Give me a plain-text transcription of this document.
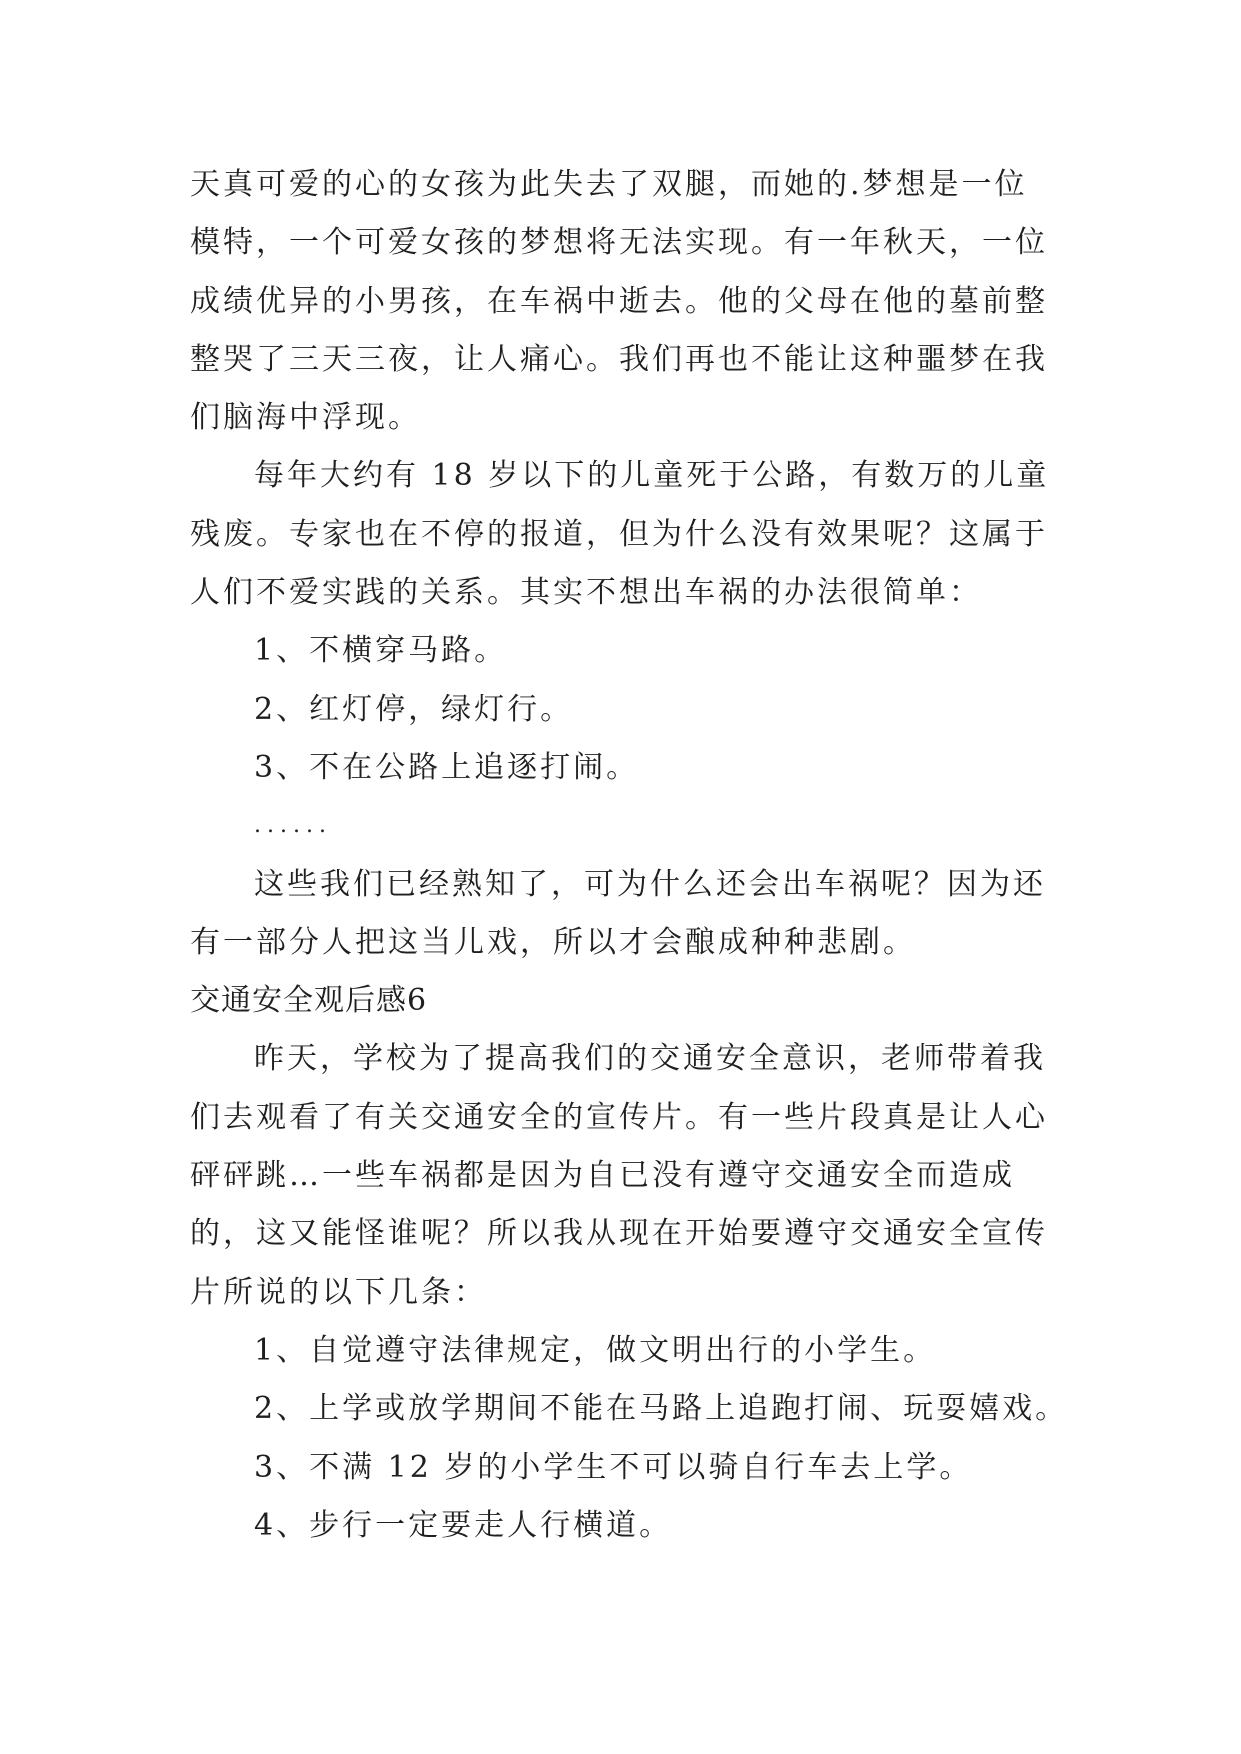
天真可爱的心的女孩为此失去了双腿，而她的.梦想是一位
模特，一个可爱女孩的梦想将无法实现。有一年秋天，一位
成绩优异的小男孩，在车祸中逝去。他的父母在他的墓前整
整哭了三天三夜，让人痛心。我们再也不能让这种噩梦在我
们脑海中浮现。
每年大约有 18 岁以下的儿童死于公路，有数万的儿童
残废。专家也在不停的报道，但为什么没有效果呢？这属于
人们不爱实践的关系。其实不想出车祸的办法很简单：
1、不横穿马路。
2、红灯停，绿灯行。
3、不在公路上追逐打闹。
......
这些我们已经熟知了，可为什么还会出车祸呢？因为还
有一部分人把这当儿戏，所以才会酿成种种悲剧。
交通安全观后感6
昨天，学校为了提高我们的交通安全意识，老师带着我
们去观看了有关交通安全的宣传片。有一些片段真是让人心
砰砰跳…一些车祸都是因为自已没有遵守交通安全而造成
的，这又能怪谁呢？所以我从现在开始要遵守交通安全宣传
片所说的以下几条：
1、自觉遵守法律规定，做文明出行的小学生。
2、上学或放学期间不能在马路上追跑打闹、玩耍嬉戏。
3、不满 12 岁的小学生不可以骑自行车去上学。
4、步行一定要走人行横道。
